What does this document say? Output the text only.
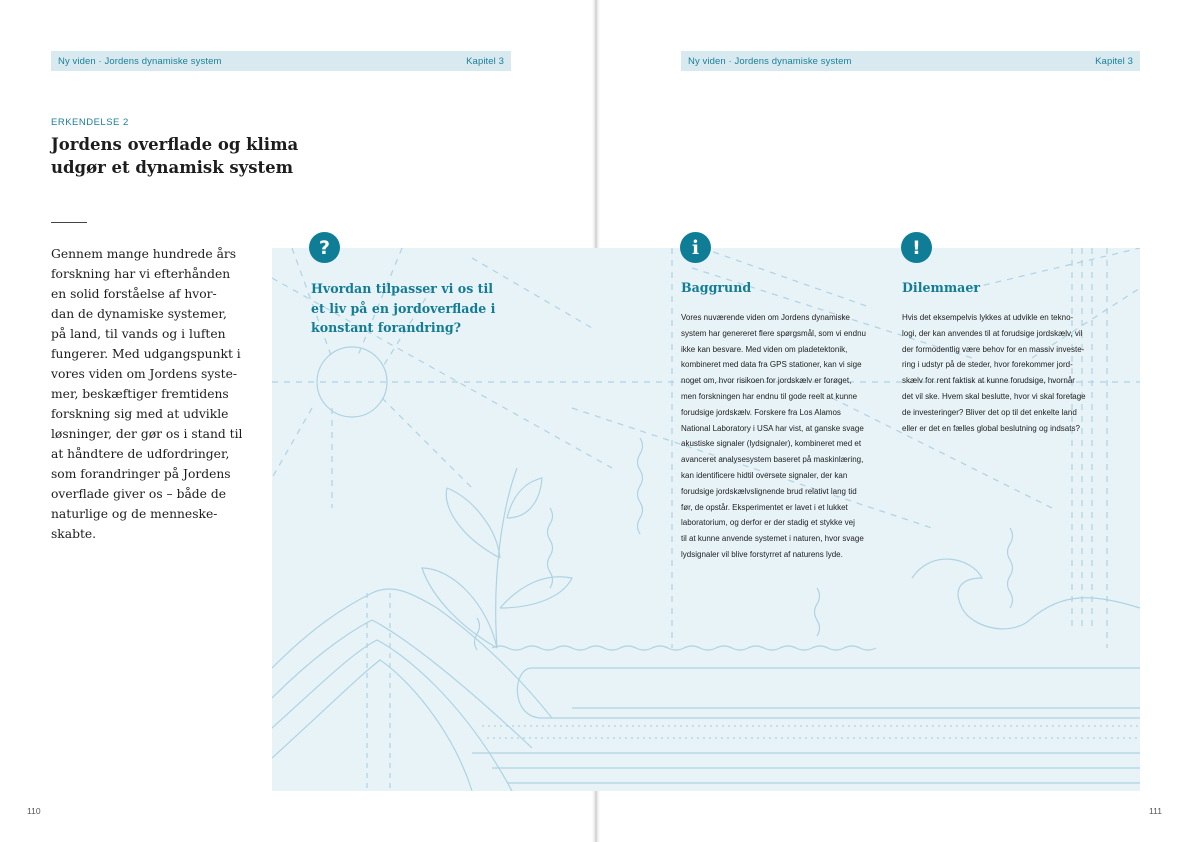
Ny viden · Jordens dynamiske system	Kapitel 3	Ny viden · Jordens dynamiske system	Kapitel 3
ERKENDELSE 2
Jordens overflade og klima
udgør et dynamisk system

Gennem mange hundrede års
forskning har vi efterhånden
en solid forståelse af hvor-
dan de dynamiske systemer,
på land, til vands og i luften
fungerer. Med udgangspunkt i
vores viden om Jordens syste-
mer, beskæftiger fremtidens
forskning sig med at udvikle
løsninger, der gør os i stand til
at håndtere de udfordringer,
som forandringer på Jordens
overflade giver os – både de
naturlige og de menneske-
skabte.

?
Hvordan tilpasser vi os til
et liv på en jordoverflade i
konstant forandring?
i
Baggrund
Vores nuværende viden om Jordens dynamiske
system har genereret flere spørgsmål, som vi endnu
ikke kan besvare. Med viden om pladetektonik,
kombineret med data fra GPS stationer, kan vi sige
noget om, hvor risikoen for jordskælv er forøget,
men forskningen har endnu til gode reelt at kunne
forudsige jordskælv. Forskere fra Los Alamos
National Laboratory i USA har vist, at ganske svage
akustiske signaler (lydsignaler), kombineret med et
avanceret analysesystem baseret på maskinlæring,
kan identificere hidtil oversete signaler, der kan
forudsige jordskælvslignende brud relativt lang tid
før, de opstår. Eksperimentet er lavet i et lukket
laboratorium, og derfor er der stadig et stykke vej
til at kunne anvende systemet i naturen, hvor svage
lydsignaler vil blive forstyrret af naturens lyde.
!
Dilemmaer
Hvis det eksempelvis lykkes at udvikle en tekno-
logi, der kan anvendes til at forudsige jordskælv, vil
der formodentlig være behov for en massiv investe-
ring i udstyr på de steder, hvor forekommer jord-
skælv for rent faktisk at kunne forudsige, hvornår
det vil ske. Hvem skal beslutte, hvor vi skal foretage
de investeringer? Bliver det op til det enkelte land
eller er det en fælles global beslutning og indsats?
110	111
